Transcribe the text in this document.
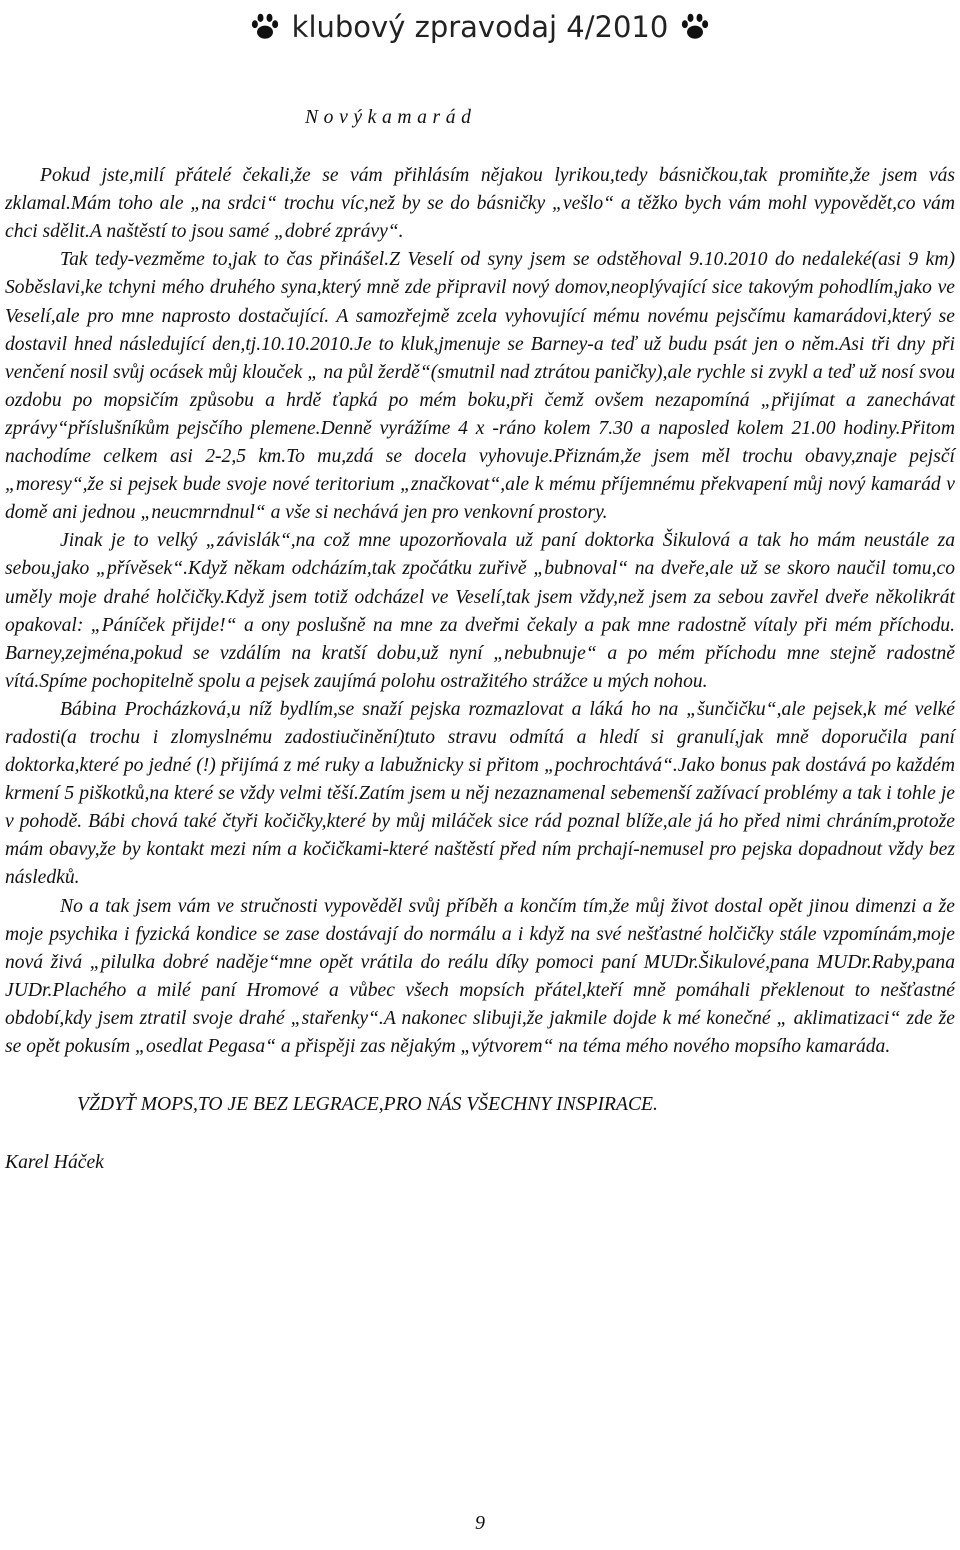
klubový zpravodaj 4/2010

N o v ý k a m a r á d

Pokud jste,milí přátelé čekali,že se vám přihlásím nějakou lyrikou,tedy básničkou,tak promiňte,že jsem vás zklamal.Mám toho ale „na srdci“ trochu víc,než by se do básničky „vešlo“ a těžko bych vám mohl vypovědět,co vám chci sdělit.A naštěstí to jsou samé „dobré zprávy“.

Tak tedy-vezměme to,jak to čas přinášel.Z Veselí od syny jsem se odstěhoval 9.10.2010 do nedaleké(asi 9 km) Soběslavi,ke tchyni mého druhého syna,který mně zde připravil nový domov,neoplývající sice takovým pohodlím,jako ve Veselí,ale pro mne naprosto dostačující. A samozřejmě zcela vyhovující mému novému pejsčímu kamarádovi,který se dostavil hned následující den,tj.10.10.2010.Je to kluk,jmenuje se Barney-a teď už budu psát jen o něm.Asi tři dny při venčení nosil svůj ocásek můj klouček „ na půl žerdě“(smutnil nad ztrátou paničky),ale rychle si zvykl a teď už nosí svou ozdobu po mopsičím způsobu a hrdě ťapká po mém boku,při čemž ovšem nezapomíná „přijímat a zanechávat zprávy“příslušníkům pejsčího plemene.Denně vyrážíme 4 x -ráno kolem 7.30 a naposled kolem 21.00 hodiny.Přitom nachodíme celkem asi 2-2,5 km.To mu,zdá se docela vyhovuje.Přiznám,že jsem měl trochu obavy,znaje pejsčí „moresy“,že si pejsek bude svoje nové teritorium „značkovat“,ale k mému příjemnému překvapení můj nový kamarád v domě ani jednou „neucmrndnul“ a vše si nechává jen pro venkovní prostory.

Jinak je to velký „závislák“,na což mne upozorňovala už paní doktorka Šikulová a tak ho mám neustále za sebou,jako „přívěsek“.Když někam odcházím,tak zpočátku zuřivě „bubnoval“ na dveře,ale už se skoro naučil tomu,co uměly moje drahé holčičky.Když jsem totiž odcházel ve Veselí,tak jsem vždy,než jsem za sebou zavřel dveře několikrát opakoval: „Páníček přijde!“ a ony poslušně na mne za dveřmi čekaly a pak mne radostně vítaly při mém příchodu. Barney,zejména,pokud se vzdálím na kratší dobu,už nyní „nebubnuje“ a po mém příchodu mne stejně radostně vítá.Spíme pochopitelně spolu a pejsek zaujímá polohu ostražitého strážce u mých nohou.

Bábina Procházková,u níž bydlím,se snaží pejska rozmazlovat a láká ho na „šunčičku“,ale pejsek,k mé velké radosti(a trochu i zlomyslnému zadostiučinění)tuto stravu odmítá a hledí si granulí,jak mně doporučila paní doktorka,které po jedné (!) přijímá z mé ruky a labužnicky si přitom „pochrochtává“.Jako bonus pak dostává po každém krmení 5 piškotků,na které se vždy velmi těší.Zatím jsem u něj nezaznamenal sebemenší zažívací problémy a tak i tohle je v pohodě. Bábi chová také čtyři kočičky,které by můj miláček sice rád poznal blíže,ale já ho před nimi chráním,protože mám obavy,že by kontakt mezi ním a kočičkami-které naštěstí před ním prchají-nemusel pro pejska dopadnout vždy bez následků.

No a tak jsem vám ve stručnosti vypověděl svůj příběh a končím tím,že můj život dostal opět jinou dimenzi a že moje psychika i fyzická kondice se zase dostávají do normálu a i když na své nešťastné holčičky stále vzpomínám,moje nová živá „pilulka dobré naděje“mne opět vrátila do reálu díky pomoci paní MUDr.Šikulové,pana MUDr.Raby,pana JUDr.Plachého a milé paní Hromové a vůbec všech mopsích přátel,kteří mně pomáhali překlenout to nešťastné období,kdy jsem ztratil svoje drahé „stařenky“.A nakonec slibuji,že jakmile dojde k mé konečné „ aklimatizaci“ zde že se opět pokusím „osedlat Pegasa“ a přispěji zas nějakým „výtvorem“ na téma mého nového mopsího kamaráda.

VŽDYŤ MOPS,TO JE BEZ LEGRACE,PRO NÁS VŠECHNY INSPIRACE.

Karel Háček

9
